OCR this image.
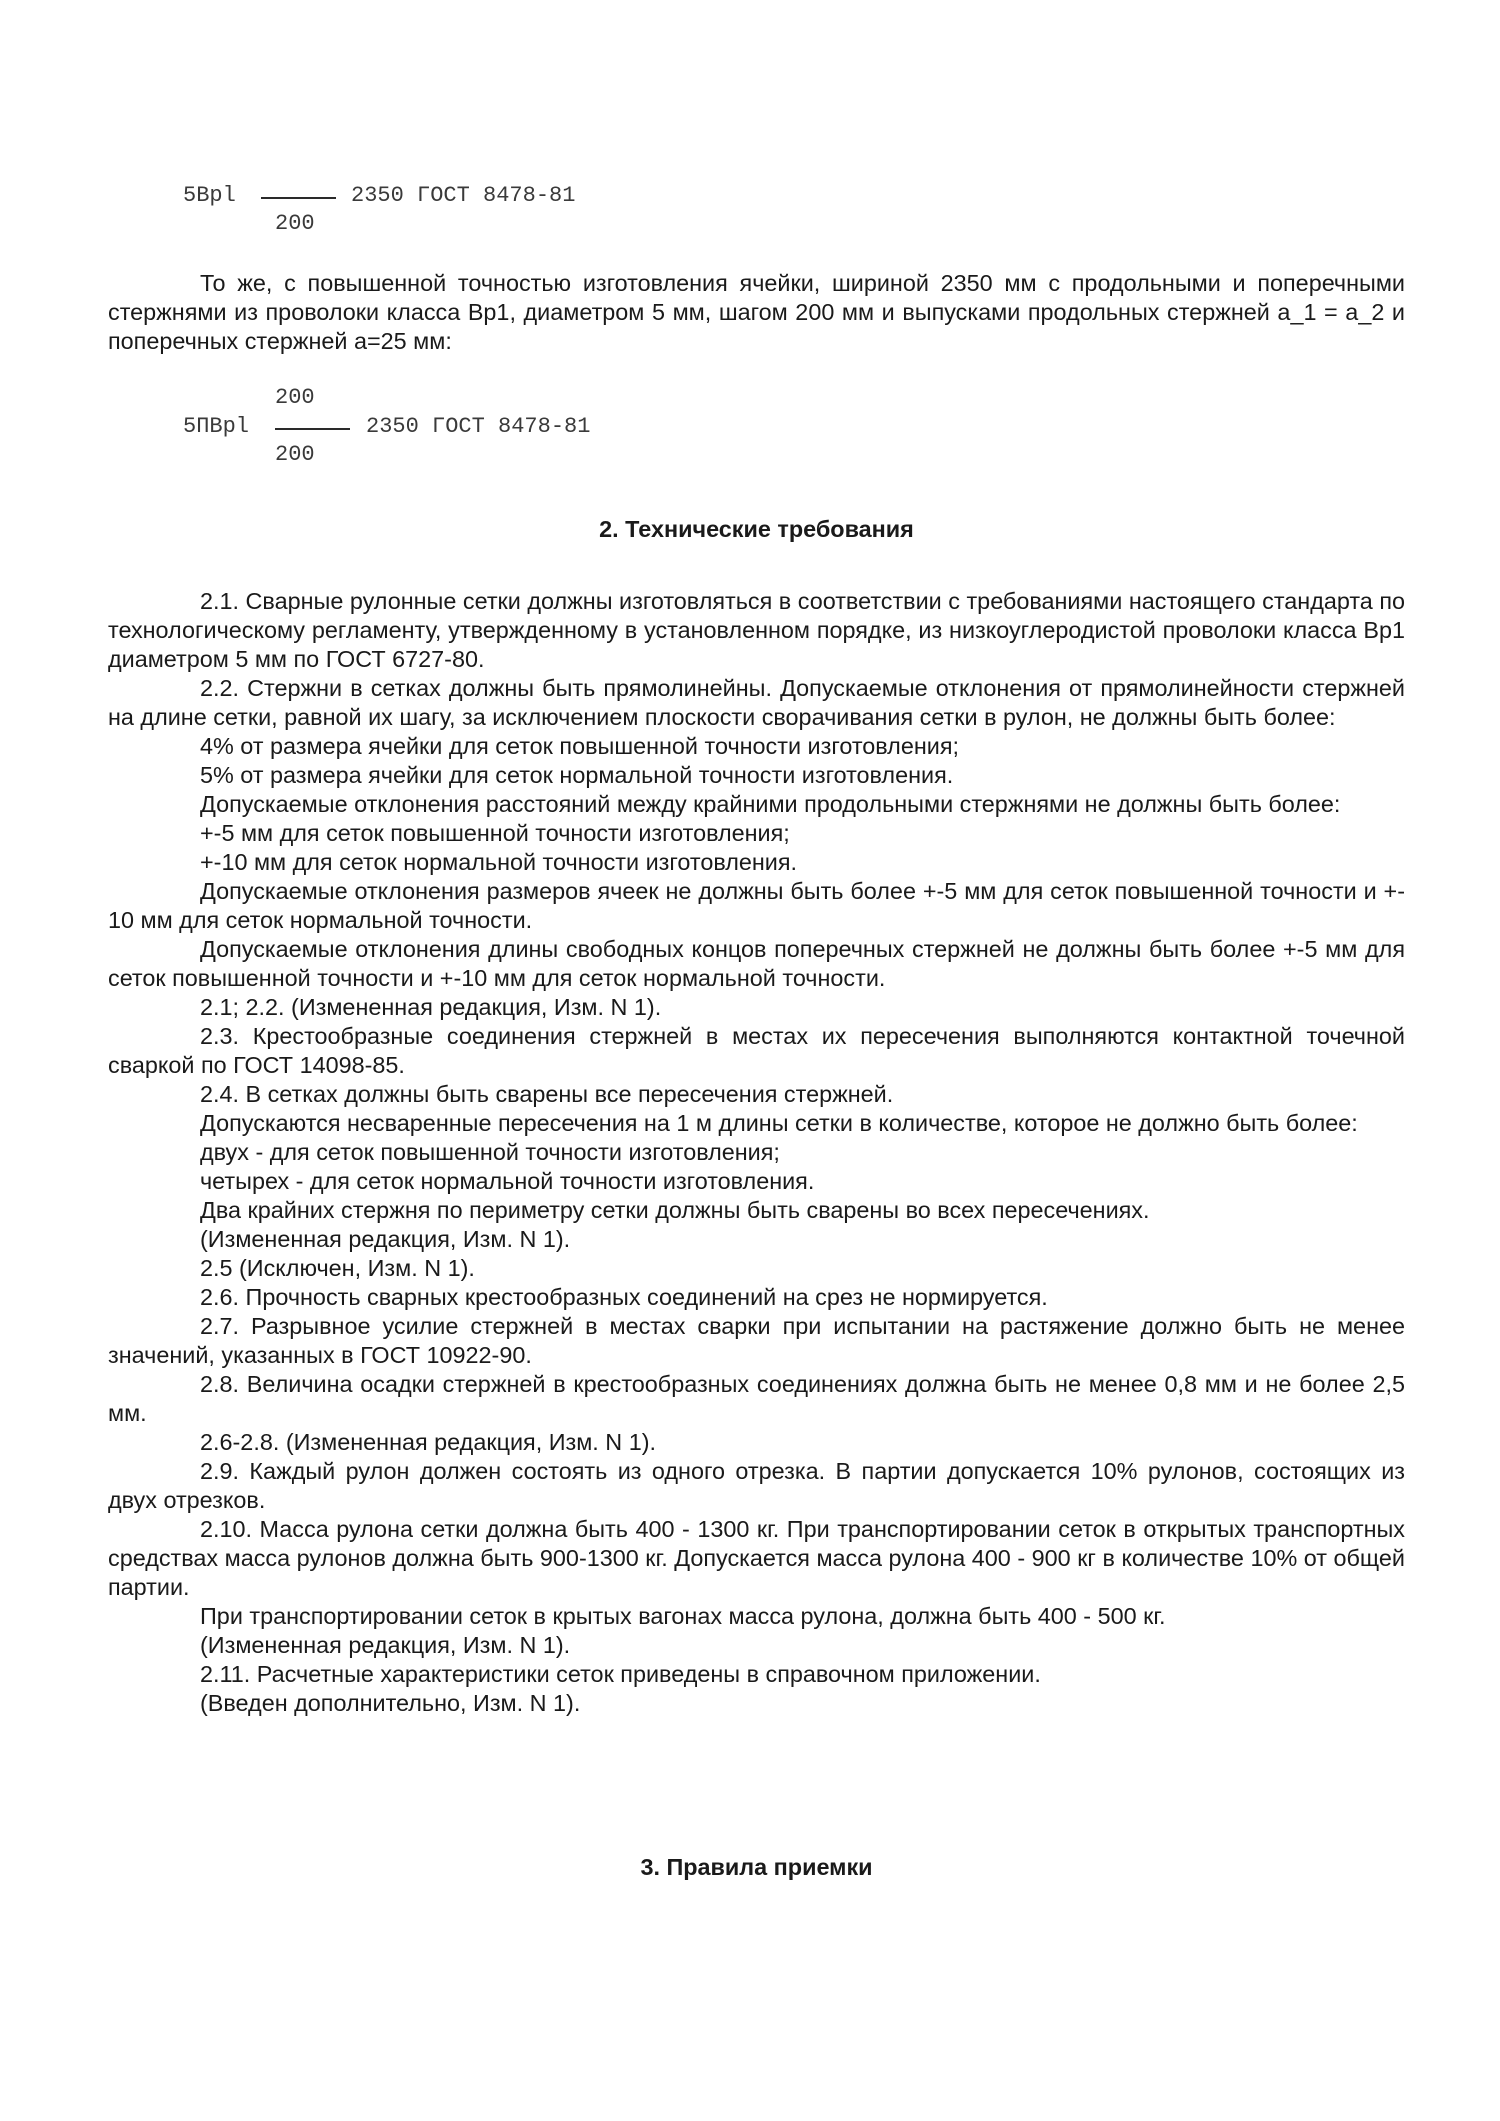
5Bpl	2350 ГОСТ 8478-81
200

То же, с повышенной точностью изготовления ячейки, шириной 2350 мм с продольными и поперечными стержнями из проволоки класса Вр1, диаметром 5 мм, шагом 200 мм и выпусками продольных стержней a_1 = a_2 и поперечных стержней a=25 мм:

200
5ПBpl	2350 ГОСТ 8478-81
200
2. Технические требования

2.1. Сварные рулонные сетки должны изготовляться в соответствии с требованиями настоящего стандарта по технологическому регламенту, утвержденному в установленном порядке, из низкоуглеродистой проволоки класса Вр1 диаметром 5 мм по ГОСТ 6727-80.

2.2. Стержни в сетках должны быть прямолинейны. Допускаемые отклонения от прямолинейности стержней на длине сетки, равной их шагу, за исключением плоскости сворачивания сетки в рулон, не должны быть более:

4% от размера ячейки для сеток повышенной точности изготовления;

5% от размера ячейки для сеток нормальной точности изготовления.

Допускаемые отклонения расстояний между крайними продольными стержнями не должны быть более:

+-5 мм для сеток повышенной точности изготовления;

+-10 мм для сеток нормальной точности изготовления.

Допускаемые отклонения размеров ячеек не должны быть более +-5 мм для сеток повышенной точности и +- 10 мм для сеток нормальной точности.

Допускаемые отклонения длины свободных концов поперечных стержней не должны быть более +-5 мм для сеток повышенной точности и +-10 мм для сеток нормальной точности.

2.1; 2.2. (Измененная редакция, Изм. N 1).

2.3. Крестообразные соединения стержней в местах их пересечения выполняются контактной точечной сваркой по ГОСТ 14098-85.

2.4. В сетках должны быть сварены все пересечения стержней.

Допускаются несваренные пересечения на 1 м длины сетки в количестве, которое не должно быть более:

двух - для сеток повышенной точности изготовления;

четырех - для сеток нормальной точности изготовления.

Два крайних стержня по периметру сетки должны быть сварены во всех пересечениях.

(Измененная редакция, Изм. N 1).

2.5 (Исключен, Изм. N 1).

2.6. Прочность сварных крестообразных соединений на срез не нормируется.

2.7. Разрывное усилие стержней в местах сварки при испытании на растяжение должно быть не менее значений, указанных в ГОСТ 10922-90.

2.8. Величина осадки стержней в крестообразных соединениях должна быть не менее 0,8 мм и не более 2,5 мм.

2.6-2.8. (Измененная редакция, Изм. N 1).

2.9. Каждый рулон должен состоять из одного отрезка. В партии допускается 10% рулонов, состоящих из двух отрезков.

2.10. Масса рулона сетки должна быть 400 - 1300 кг. При транспортировании сеток в открытых транспортных средствах масса рулонов должна быть 900-1300 кг. Допускается масса рулона 400 - 900 кг в количестве 10% от общей партии.

При транспортировании сеток в крытых вагонах масса рулона, должна быть 400 - 500 кг.

(Измененная редакция, Изм. N 1).

2.11. Расчетные характеристики сеток приведены в справочном приложении.

(Введен дополнительно, Изм. N 1).

3. Правила приемки
